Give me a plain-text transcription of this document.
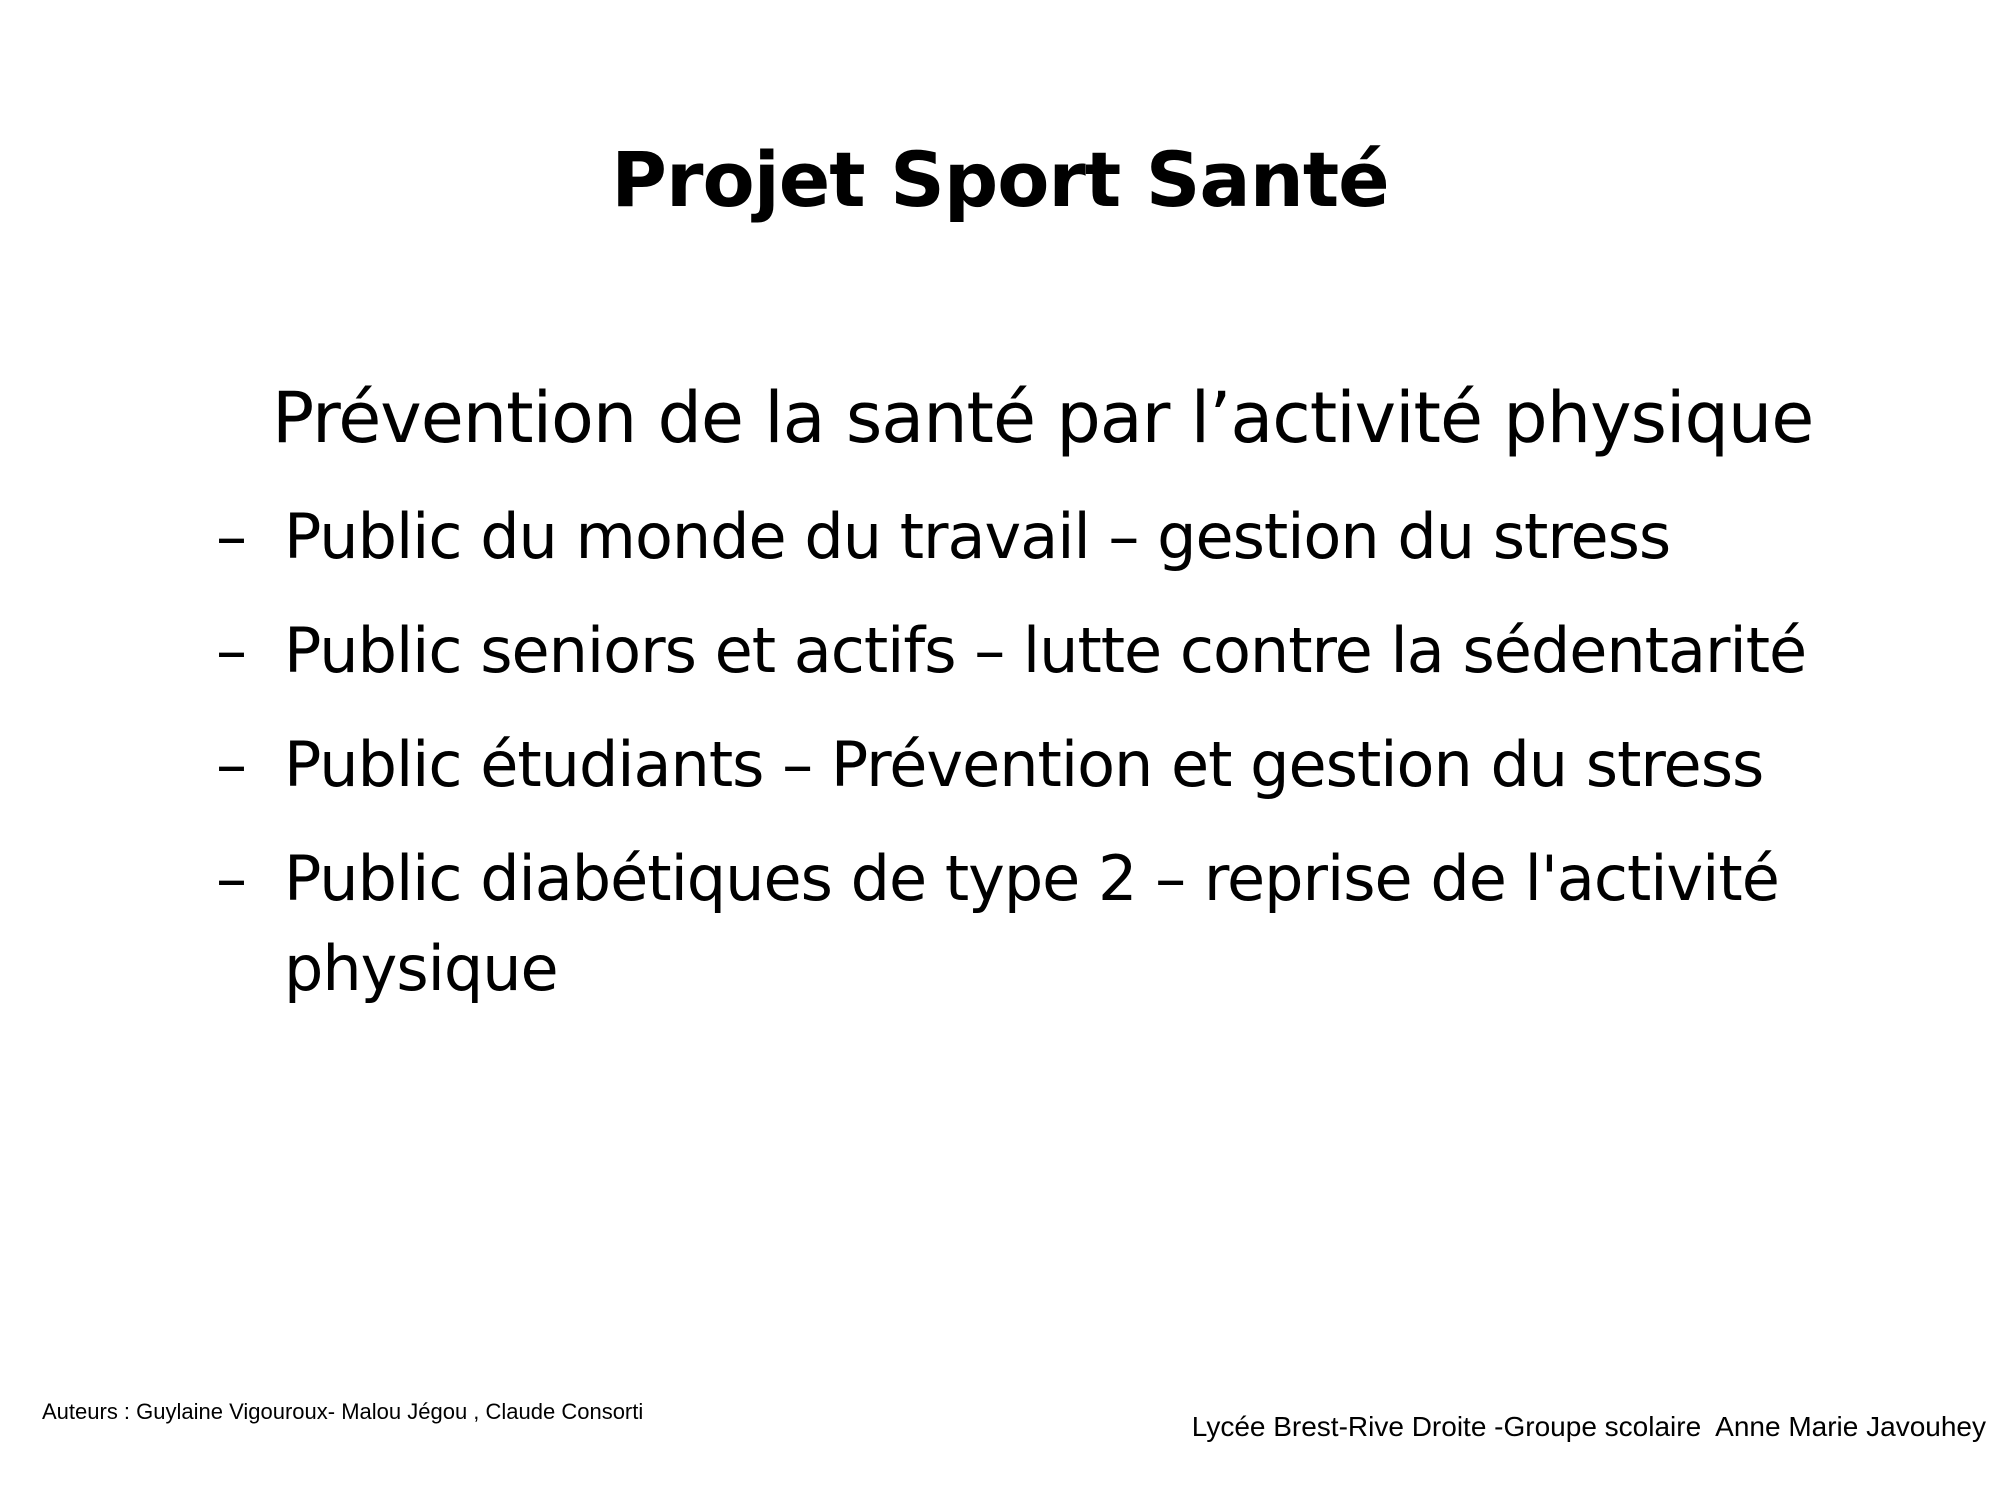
Projet Sport Santé

Prévention de la santé par l’activité physique

– Public du monde du travail – gestion du stress
– Public seniors et actifs – lutte contre la sédentarité
– Public étudiants – Prévention et gestion du stress
– Public diabétiques de type 2 – reprise de l'activité physique
Auteurs : Guylaine Vigouroux- Malou Jégou , Claude Consorti	Lycée Brest-Rive Droite -Groupe scolaire  Anne Marie Javouhey
